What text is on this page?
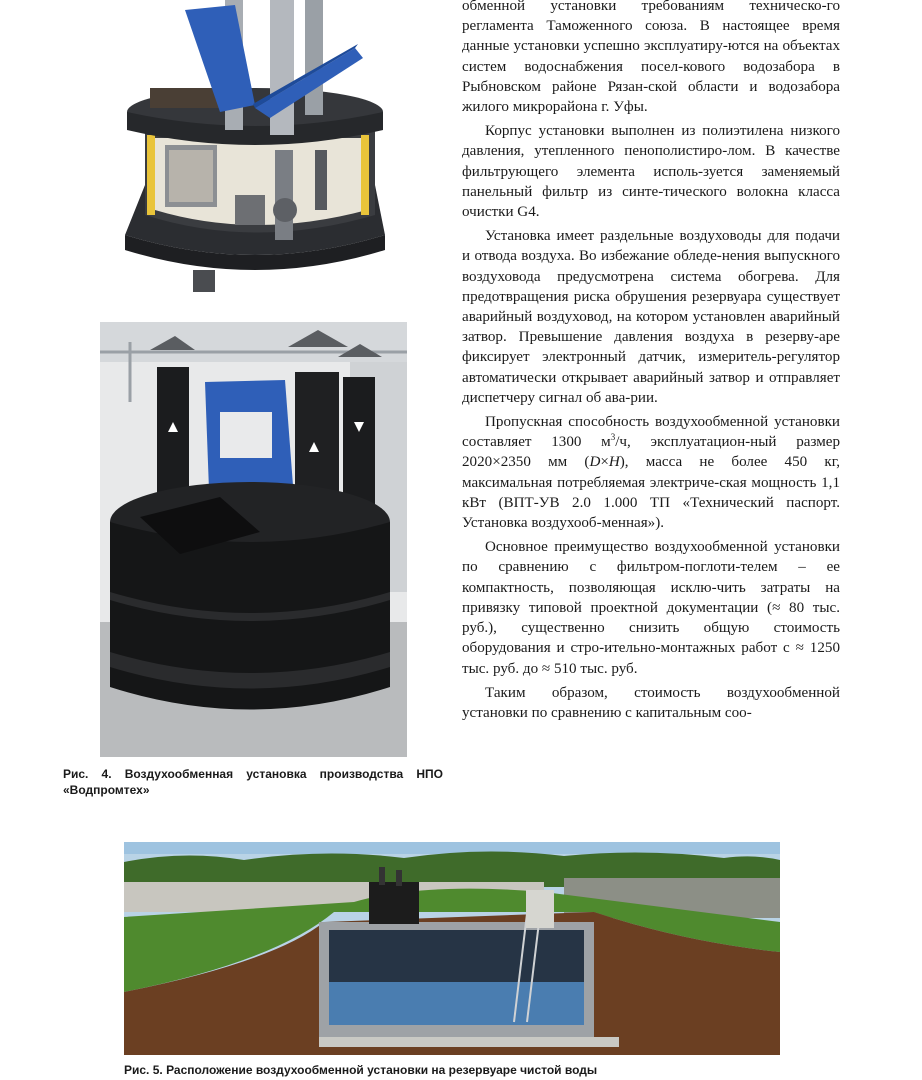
Рис. 4. Воздухообменная установка производства НПО «Водпромтех»
Рис. 5. Расположение воздухообменной установки на резервуаре чистой воды

обменной установки требованиям техническо-го регламента Таможенного союза. В настоящее время данные установки успешно эксплуатиру-ются на объектах систем водоснабжения посел-кового водозабора в Рыбновском районе Рязан-ской области и водозабора жилого микрорайона г. Уфы.

Корпус установки выполнен из полиэтилена низкого давления, утепленного пенополистиро-лом. В качестве фильтрующего элемента исполь-зуется заменяемый панельный фильтр из синте-тического волокна класса очистки G4.

Установка имеет раздельные воздуховоды для подачи и отвода воздуха. Во избежание обледе-нения выпускного воздуховода предусмотрена система обогрева. Для предотвращения риска обрушения резервуара существует аварийный воздуховод, на котором установлен аварийный затвор. Превышение давления воздуха в резерву-аре фиксирует электронный датчик, измеритель-регулятор автоматически открывает аварийный затвор и отправляет диспетчеру сигнал об ава-рии.

Пропускная способность воздухообменной установки составляет 1300 $м^3/ч$, эксплуатацион-ный размер 2020×2350 мм (D×H), масса не более 450 кг, максимальная потребляемая электриче-ская мощность 1,1 кВт (ВПТ-УВ 2.0 1.000 ТП «Технический паспорт. Установка воздухооб-менная»).

Основное преимущество воздухообменной установки по сравнению с фильтром-поглоти-телем – ее компактность, позволяющая исклю-чить затраты на привязку типовой проектной документации (≈ 80 тыс. руб.), существенно снизить общую стоимость оборудования и стро-ительно-монтажных работ с ≈ 1250 тыс. руб. до ≈ 510 тыс. руб.

Таким образом, стоимость воздухообменной установки по сравнению с капитальным соо-
